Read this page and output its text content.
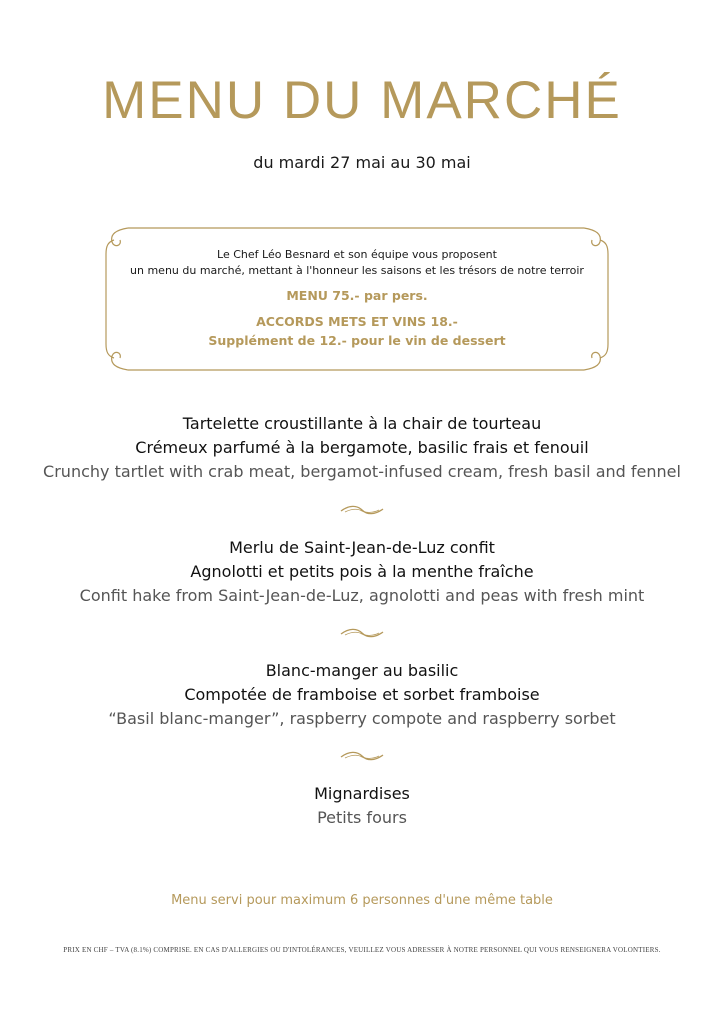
MENU DU MARCHÉ
du mardi 27 mai au 30 mai
Le Chef Léo Besnard et son équipe vous proposent
un menu du marché, mettant à l'honneur les saisons et les trésors de notre terroir
MENU 75.- par pers.
ACCORDS METS ET VINS 18.-
Supplément de 12.- pour le vin de dessert
Tartelette croustillante à la chair de tourteau
Crémeux parfumé à la bergamote, basilic frais et fenouil
Crunchy tartlet with crab meat, bergamot-infused cream, fresh basil and fennel
Merlu de Saint-Jean-de-Luz confit
Agnolotti et petits pois à la menthe fraîche
Confit hake from Saint-Jean-de-Luz, agnolotti and peas with fresh mint
Blanc-manger au basilic
Compotée de framboise et sorbet framboise
“Basil blanc-manger”, raspberry compote and raspberry sorbet
Mignardises
Petits fours
Menu servi pour maximum 6 personnes d'une même table
PRIX EN CHF – TVA (8.1%) COMPRISE. EN CAS D'ALLERGIES OU D'INTOLÉRANCES, VEUILLEZ VOUS ADRESSER À NOTRE PERSONNEL QUI VOUS RENSEIGNERA VOLONTIERS.
